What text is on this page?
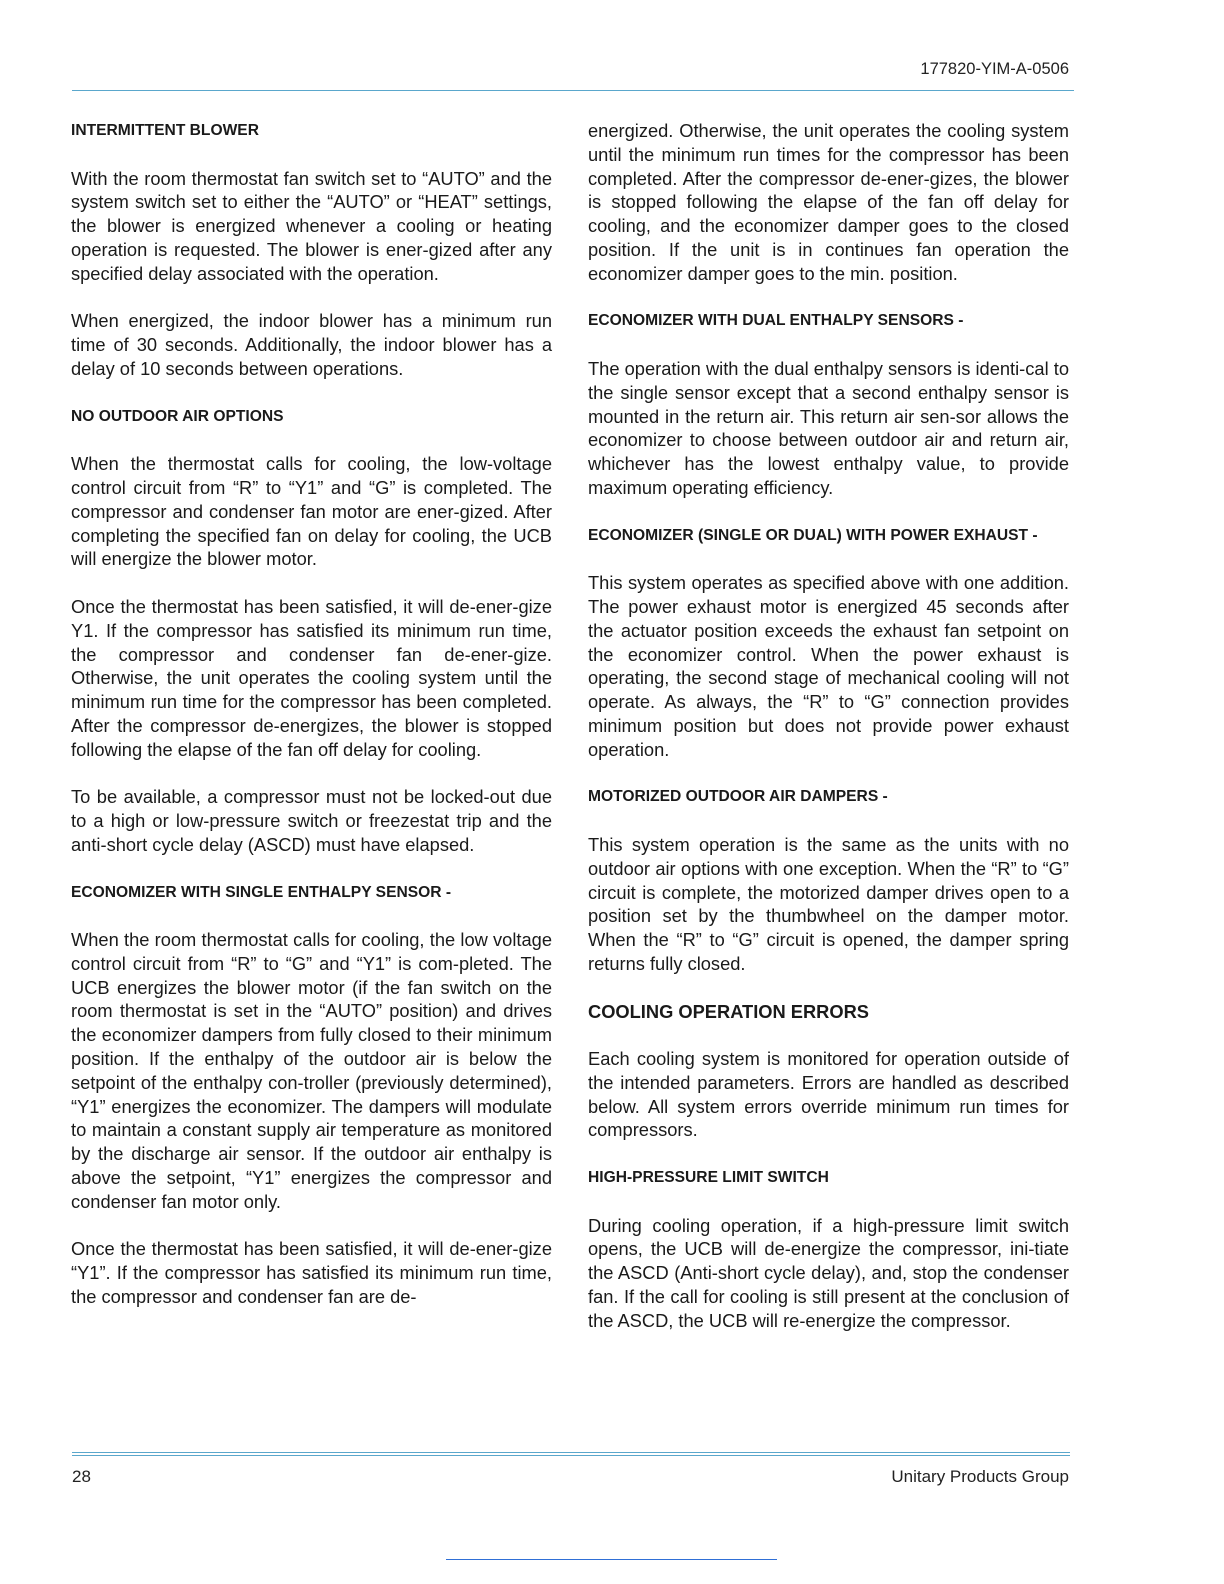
177820-YIM-A-0506
INTERMITTENT BLOWER

With the room thermostat fan switch set to “AUTO” and the system switch set to either the “AUTO” or “HEAT” settings, the blower is energized whenever a cooling or heating operation is requested. The blower is ener-gized after any specified delay associated with the operation.

When energized, the indoor blower has a minimum run time of 30 seconds. Additionally, the indoor blower has a delay of 10 seconds between operations.

NO OUTDOOR AIR OPTIONS

When the thermostat calls for cooling, the low-voltage control circuit from “R” to “Y1” and “G” is completed. The compressor and condenser fan motor are ener-gized. After completing the specified fan on delay for cooling, the UCB will energize the blower motor.

Once the thermostat has been satisfied, it will de-ener-gize Y1. If the compressor has satisfied its minimum run time, the compressor and condenser fan de-ener-gize. Otherwise, the unit operates the cooling system until the minimum run time for the compressor has been completed. After the compressor de-energizes, the blower is stopped following the elapse of the fan off delay for cooling.

To be available, a compressor must not be locked-out due to a high or low-pressure switch or freezestat trip and the anti-short cycle delay (ASCD) must have elapsed.

ECONOMIZER WITH SINGLE ENTHALPY SENSOR -

When the room thermostat calls for cooling, the low voltage control circuit from “R” to “G” and “Y1” is com-pleted. The UCB energizes the blower motor (if the fan switch on the room thermostat is set in the “AUTO” position) and drives the economizer dampers from fully closed to their minimum position. If the enthalpy of the outdoor air is below the setpoint of the enthalpy con-troller (previously determined), “Y1” energizes the economizer. The dampers will modulate to maintain a constant supply air temperature as monitored by the discharge air sensor. If the outdoor air enthalpy is above the setpoint, “Y1” energizes the compressor and condenser fan motor only.

Once the thermostat has been satisfied, it will de-ener-gize “Y1”. If the compressor has satisfied its minimum run time, the compressor and condenser fan are de-

energized. Otherwise, the unit operates the cooling system until the minimum run times for the compressor has been completed. After the compressor de-ener-gizes, the blower is stopped following the elapse of the fan off delay for cooling, and the economizer damper goes to the closed position. If the unit is in continues fan operation the economizer damper goes to the min. position.

ECONOMIZER WITH DUAL ENTHALPY SENSORS -

The operation with the dual enthalpy sensors is identi-cal to the single sensor except that a second enthalpy sensor is mounted in the return air. This return air sen-sor allows the economizer to choose between outdoor air and return air, whichever has the lowest enthalpy value, to provide maximum operating efficiency.

ECONOMIZER (SINGLE OR DUAL) WITH POWER EXHAUST -

This system operates as specified above with one addition. The power exhaust motor is energized 45 seconds after the actuator position exceeds the exhaust fan setpoint on the economizer control. When the power exhaust is operating, the second stage of mechanical cooling will not operate. As always, the “R” to “G” connection provides minimum position but does not provide power exhaust operation.

MOTORIZED OUTDOOR AIR DAMPERS -

This system operation is the same as the units with no outdoor air options with one exception. When the “R” to “G” circuit is complete, the motorized damper drives open to a position set by the thumbwheel on the damper motor. When the “R” to “G” circuit is opened, the damper spring returns fully closed.

COOLING OPERATION ERRORS

Each cooling system is monitored for operation outside of the intended parameters. Errors are handled as described below. All system errors override minimum run times for compressors.

HIGH-PRESSURE LIMIT SWITCH

During cooling operation, if a high-pressure limit switch opens, the UCB will de-energize the compressor, ini-tiate the ASCD (Anti-short cycle delay), and, stop the condenser fan. If the call for cooling is still present at the conclusion of the ASCD, the UCB will re-energize the compressor.

28	Unitary Products Group
